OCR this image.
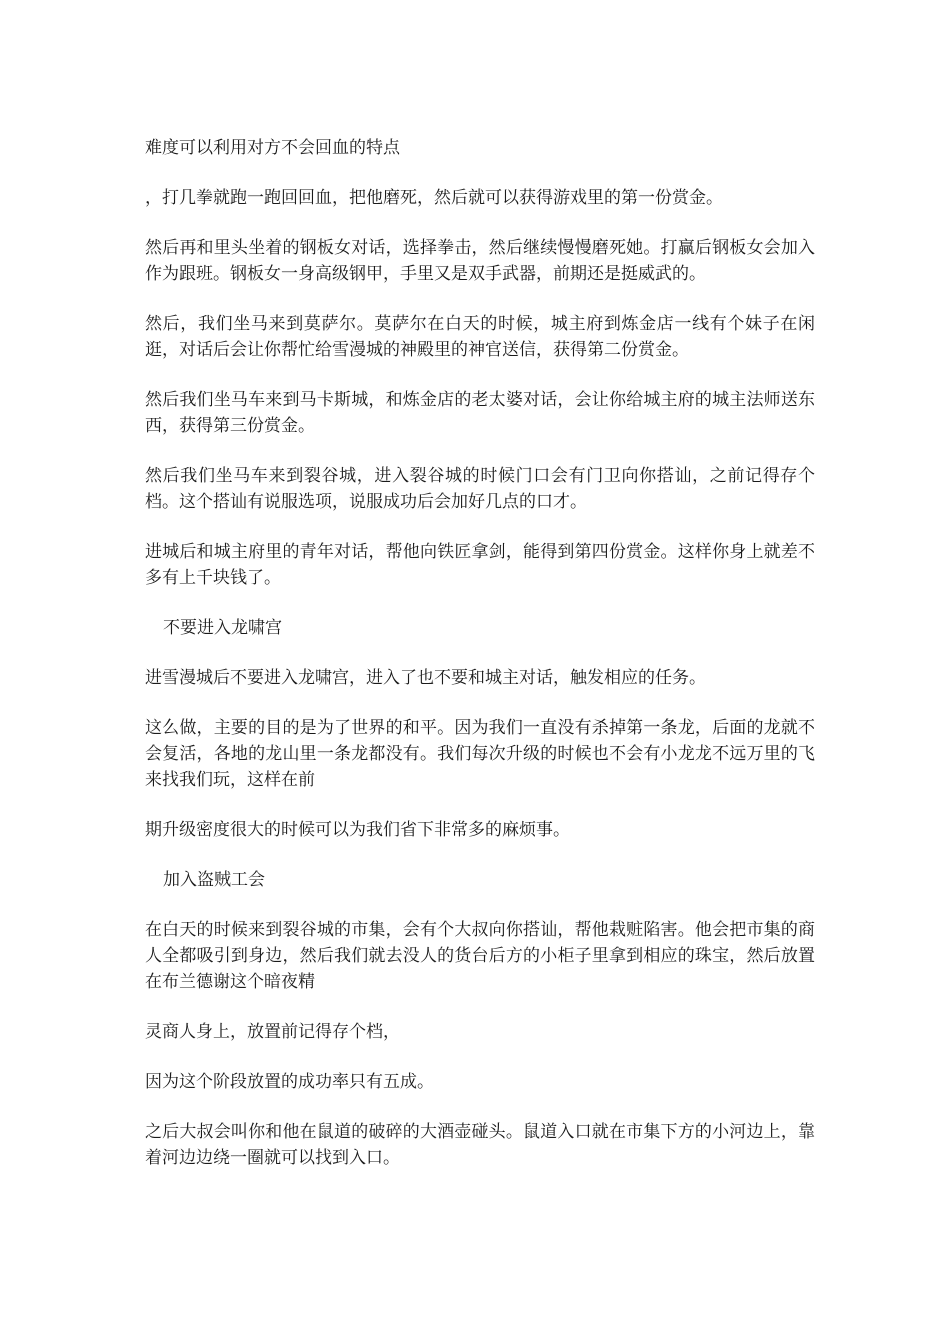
难度可以利用对方不会回血的特点

，打几拳就跑一跑回回血，把他磨死，然后就可以获得游戏里的第一份赏金。

然后再和里头坐着的钢板女对话，选择拳击，然后继续慢慢磨死她。打赢后钢板女会加入作为跟班。钢板女一身高级钢甲，手里又是双手武器，前期还是挺威武的。

然后，我们坐马来到莫萨尔。莫萨尔在白天的时候，城主府到炼金店一线有个妹子在闲逛，对话后会让你帮忙给雪漫城的神殿里的神官送信，获得第二份赏金。

然后我们坐马车来到马卡斯城，和炼金店的老太婆对话，会让你给城主府的城主法师送东西，获得第三份赏金。

然后我们坐马车来到裂谷城，进入裂谷城的时候门口会有门卫向你搭讪，之前记得存个档。这个搭讪有说服选项，说服成功后会加好几点的口才。

进城后和城主府里的青年对话，帮他向铁匠拿剑，能得到第四份赏金。这样你身上就差不多有上千块钱了。

不要进入龙啸宫

进雪漫城后不要进入龙啸宫，进入了也不要和城主对话，触发相应的任务。

这么做，主要的目的是为了世界的和平。因为我们一直没有杀掉第一条龙，后面的龙就不会复活，各地的龙山里一条龙都没有。我们每次升级的时候也不会有小龙龙不远万里的飞来找我们玩，这样在前

期升级密度很大的时候可以为我们省下非常多的麻烦事。

加入盗贼工会

在白天的时候来到裂谷城的市集，会有个大叔向你搭讪，帮他栽赃陷害。他会把市集的商人全都吸引到身边，然后我们就去没人的货台后方的小柜子里拿到相应的珠宝，然后放置在布兰德谢这个暗夜精

灵商人身上，放置前记得存个档，

因为这个阶段放置的成功率只有五成。

之后大叔会叫你和他在鼠道的破碎的大酒壶碰头。鼠道入口就在市集下方的小河边上，靠着河边边绕一圈就可以找到入口。
